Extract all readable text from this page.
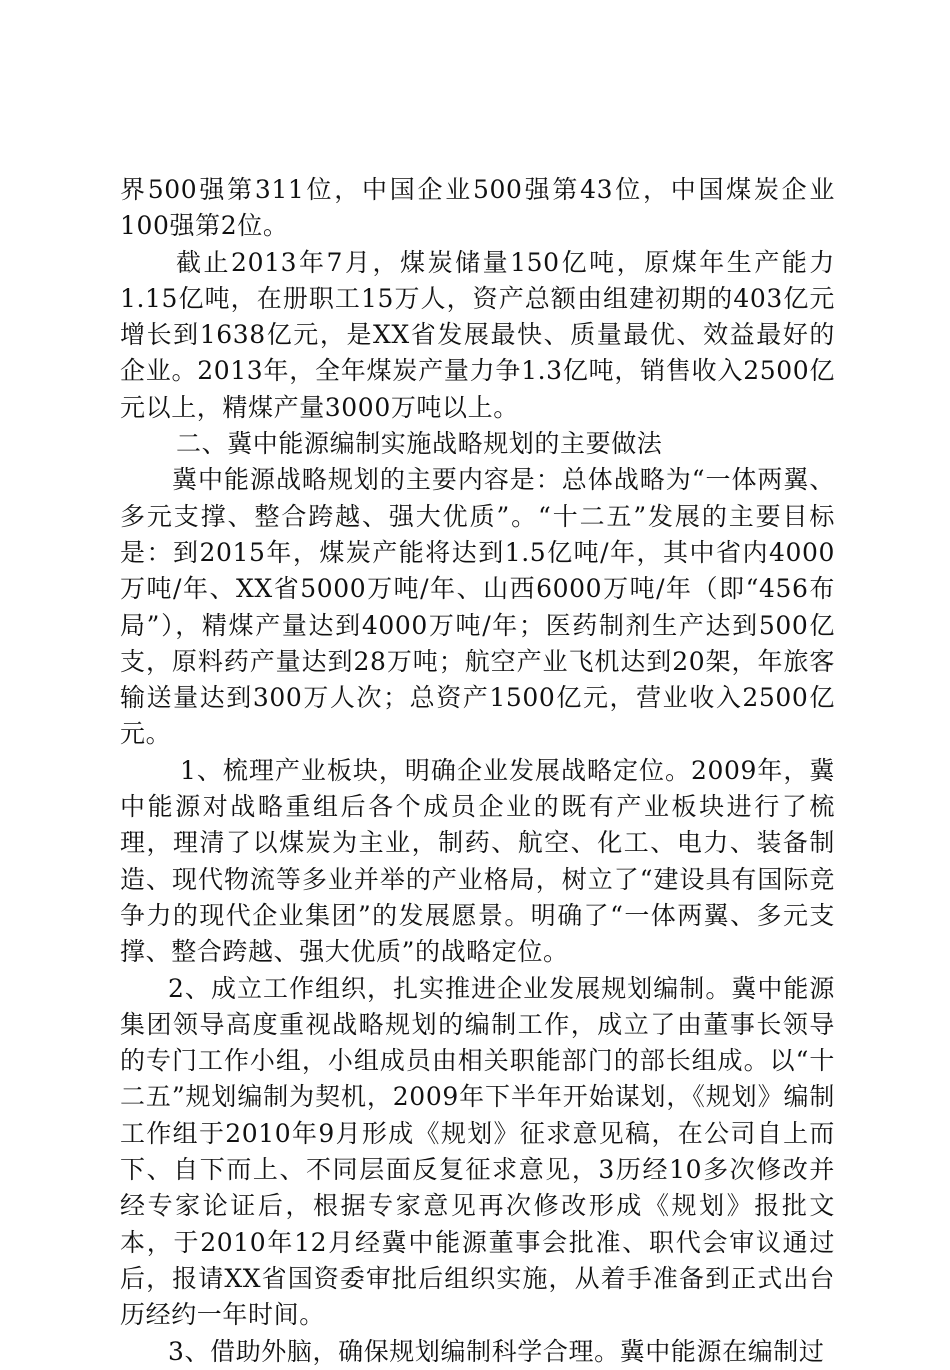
界500强第311位，中国企业500强第43位，中国煤炭企业100强第2位。

截止2013年7月，煤炭储量150亿吨，原煤年生产能力1.15亿吨，在册职工15万人，资产总额由组建初期的403亿元增长到1638亿元，是XX省发展最快、质量最优、效益最好的企业。2013年，全年煤炭产量力争1.3亿吨，销售收入2500亿元以上，精煤产量3000万吨以上。

二、冀中能源编制实施战略规划的主要做法

冀中能源战略规划的主要内容是：总体战略为“一体两翼、多元支撑、整合跨越、强大优质”。“十二五”发展的主要目标是：到2015年，煤炭产能将达到1.5亿吨/年，其中省内4000万吨/年、XX省5000万吨/年、山西6000万吨/年（即“456布局”），精煤产量达到4000万吨/年；医药制剂生产达到500亿支，原料药产量达到28万吨；航空产业飞机达到20架，年旅客输送量达到300万人次；总资产1500亿元，营业收入2500亿元。

1、梳理产业板块，明确企业发展战略定位。2009年，冀中能源对战略重组后各个成员企业的既有产业板块进行了梳理，理清了以煤炭为主业，制药、航空、化工、电力、装备制造、现代物流等多业并举的产业格局，树立了“建设具有国际竞争力的现代企业集团”的发展愿景。明确了“一体两翼、多元支撑、整合跨越、强大优质”的战略定位。

2、成立工作组织，扎实推进企业发展规划编制。冀中能源集团领导高度重视战略规划的编制工作，成立了由董事长领导的专门工作小组，小组成员由相关职能部门的部长组成。以“十二五”规划编制为契机，2009年下半年开始谋划，《规划》编制工作组于2010年9月形成《规划》征求意见稿，在公司自上而下、自下而上、不同层面反复征求意见，3历经10多次修改并经专家论证后，根据专家意见再次修改形成《规划》报批文本，于2010年12月经冀中能源董事会批准、职代会审议通过后，报请XX省国资委审批后组织实施，从着手准备到正式出台历经约一年时间。

3、借助外脑，确保规划编制科学合理。冀中能源在编制过
